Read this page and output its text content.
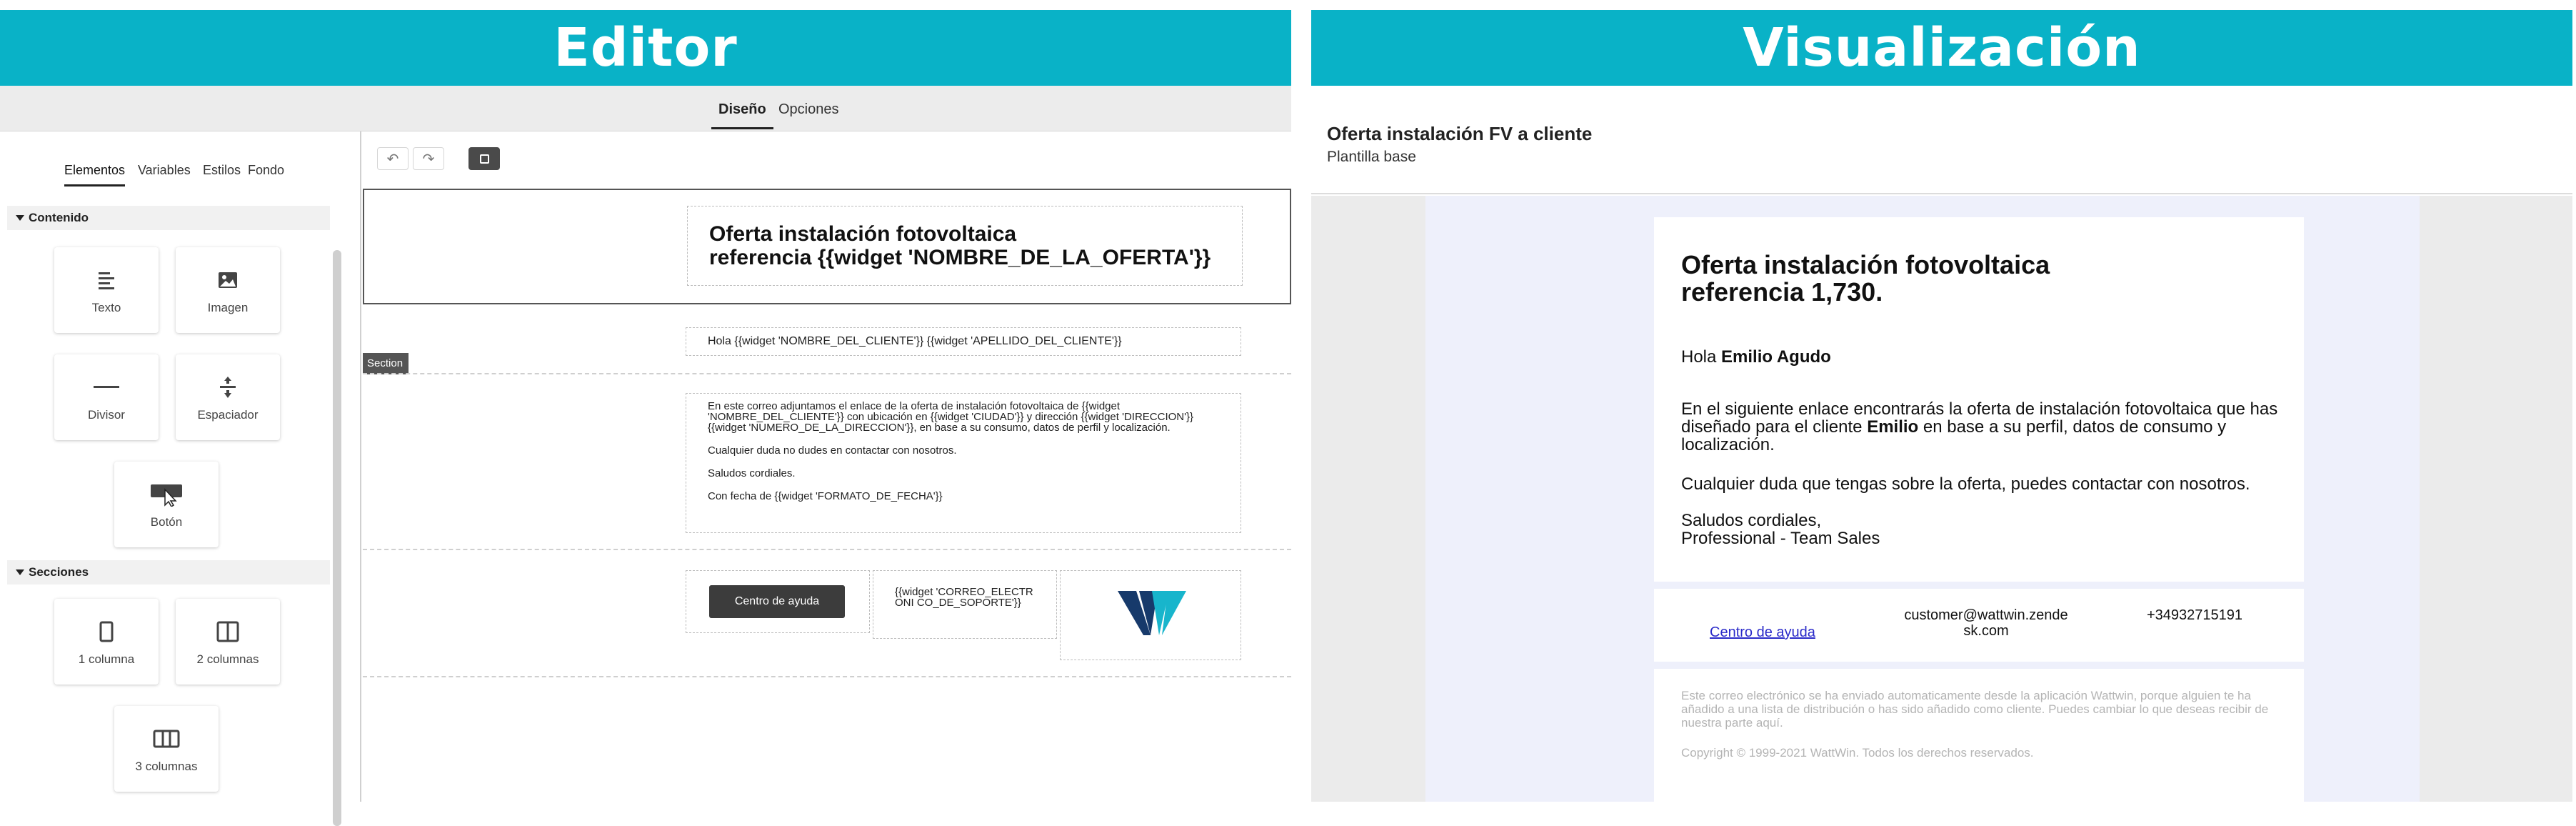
Editor	Visualización
Diseño Opciones
Elementos Variables Estilos Fondo
Contenido
Texto	Imagen
Divisor	Espaciador
Botón
Secciones
1 columna	2 columnas
3 columnas
↶ ↷
Oferta instalación fotovoltaica
referencia {{widget 'NOMBRE_DE_LA_OFERTA'}}
Hola {{widget 'NOMBRE_DEL_CLIENTE'}} {{widget 'APELLIDO_DEL_CLIENTE'}}
Section
En este correo adjuntamos el enlace de la oferta de instalación fotovoltaica de {{widget 'NOMBRE_DEL_CLIENTE'}} con ubicación en {{widget 'CIUDAD'}} y dirección {{widget 'DIRECCION'}} {{widget 'NUMERO_DE_LA_DIRECCION'}}, en base a su consumo, datos de perfil y localización.
Cualquier duda no dudes en contactar con nosotros.
Saludos cordiales.
Con fecha de {{widget 'FORMATO_DE_FECHA'}}
Centro de ayuda
{{widget 'CORREO_ELECTRONI CO_DE_SOPORTE'}}
Oferta instalación FV a cliente
Plantilla base
Oferta instalación fotovoltaica
referencia 1,730.
Hola Emilio Agudo
En el siguiente enlace encontrarás la oferta de instalación fotovoltaica que has diseñado para el cliente Emilio en base a su perfil, datos de consumo y localización.
Cualquier duda que tengas sobre la oferta, puedes contactar con nosotros.
Saludos cordiales,
Professional - Team Sales
Centro de ayuda
customer@wattwin.zende
sk.com
+34932715191
Este correo electrónico se ha enviado automaticamente desde la aplicación Wattwin, porque alguien te ha añadido a una lista de distribución o has sido añadido como cliente. Puedes cambiar lo que deseas recibir de nuestra parte aquí.
Copyright © 1999-2021 WattWin. Todos los derechos reservados.
